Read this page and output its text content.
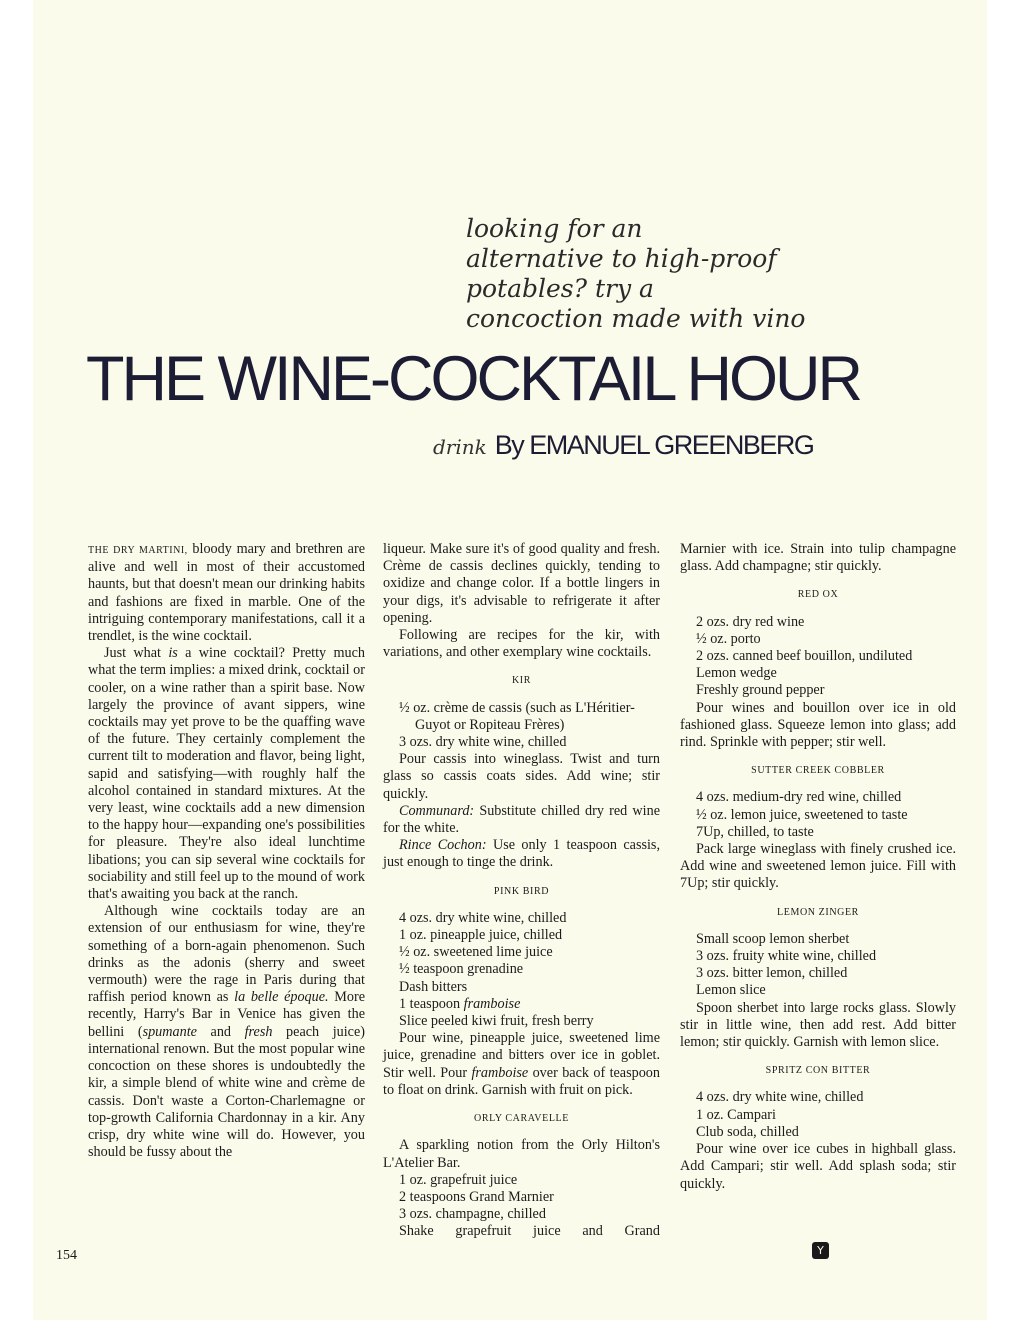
looking for an
alternative to high-proof
potables? try a
concoction made with vino
THE WINE-COCKTAIL HOUR
drink By EMANUEL GREENBERG

THE DRY MARTINI, bloody mary and brethren are alive and well in most of their accustomed haunts, but that doesn't mean our drinking habits and fashions are fixed in marble. One of the intriguing contemporary manifestations, call it a trendlet, is the wine cocktail.

Just what is a wine cocktail? Pretty much what the term implies: a mixed drink, cocktail or cooler, on a wine rather than a spirit base. Now largely the province of avant sippers, wine cocktails may yet prove to be the quaffing wave of the future. They certainly complement the current tilt to moderation and flavor, being light, sapid and satisfying—with roughly half the alcohol contained in standard mixtures. At the very least, wine cocktails add a new dimension to the happy hour—expanding one's possibilities for pleasure. They're also ideal lunchtime libations; you can sip several wine cocktails for sociability and still feel up to the mound of work that's awaiting you back at the ranch.

Although wine cocktails today are an extension of our enthusiasm for wine, they're something of a born-again phenomenon. Such drinks as the adonis (sherry and sweet vermouth) were the rage in Paris during that raffish period known as la belle époque. More recently, Harry's Bar in Venice has given the bellini (spumante and fresh peach juice) international renown. But the most popular wine concoction on these shores is undoubtedly the kir, a simple blend of white wine and crème de cassis. Don't waste a Corton-Charlemagne or top-growth California Chardonnay in a kir. Any crisp, dry white wine will do. However, you should be fussy about the

liqueur. Make sure it's of good quality and fresh. Crème de cassis declines quickly, tending to oxidize and change color. If a bottle lingers in your digs, it's advisable to refrigerate it after opening.

Following are recipes for the kir, with variations, and other exemplary wine cocktails.

KIR
½ oz. crème de cassis (such as L'Héritier-Guyot or Ropiteau Frères)
3 ozs. dry white wine, chilled

Pour cassis into wineglass. Twist and turn glass so cassis coats sides. Add wine; stir quickly.

Communard: Substitute chilled dry red wine for the white.

Rince Cochon: Use only 1 teaspoon cassis, just enough to tinge the drink.

PINK BIRD
4 ozs. dry white wine, chilled
1 oz. pineapple juice, chilled
½ oz. sweetened lime juice
½ teaspoon grenadine
Dash bitters
1 teaspoon framboise
Slice peeled kiwi fruit, fresh berry

Pour wine, pineapple juice, sweetened lime juice, grenadine and bitters over ice in goblet. Stir well. Pour framboise over back of teaspoon to float on drink. Garnish with fruit on pick.

ORLY CARAVELLE

A sparkling notion from the Orly Hilton's L'Atelier Bar.

1 oz. grapefruit juice
2 teaspoons Grand Marnier
3 ozs. champagne, chilled

Shake grapefruit juice and Grand

Marnier with ice. Strain into tulip champagne glass. Add champagne; stir quickly.

RED OX
2 ozs. dry red wine
½ oz. porto
2 ozs. canned beef bouillon, undiluted
Lemon wedge
Freshly ground pepper

Pour wines and bouillon over ice in old fashioned glass. Squeeze lemon into glass; add rind. Sprinkle with pepper; stir well.

SUTTER CREEK COBBLER
4 ozs. medium-dry red wine, chilled
½ oz. lemon juice, sweetened to taste
7Up, chilled, to taste

Pack large wineglass with finely crushed ice. Add wine and sweetened lemon juice. Fill with 7Up; stir quickly.

LEMON ZINGER
Small scoop lemon sherbet
3 ozs. fruity white wine, chilled
3 ozs. bitter lemon, chilled
Lemon slice

Spoon sherbet into large rocks glass. Slowly stir in little wine, then add rest. Add bitter lemon; stir quickly. Garnish with lemon slice.

SPRITZ CON BITTER
4 ozs. dry white wine, chilled
1 oz. Campari
Club soda, chilled

Pour wine over ice cubes in highball glass. Add Campari; stir well. Add splash soda; stir quickly.

154	Y
